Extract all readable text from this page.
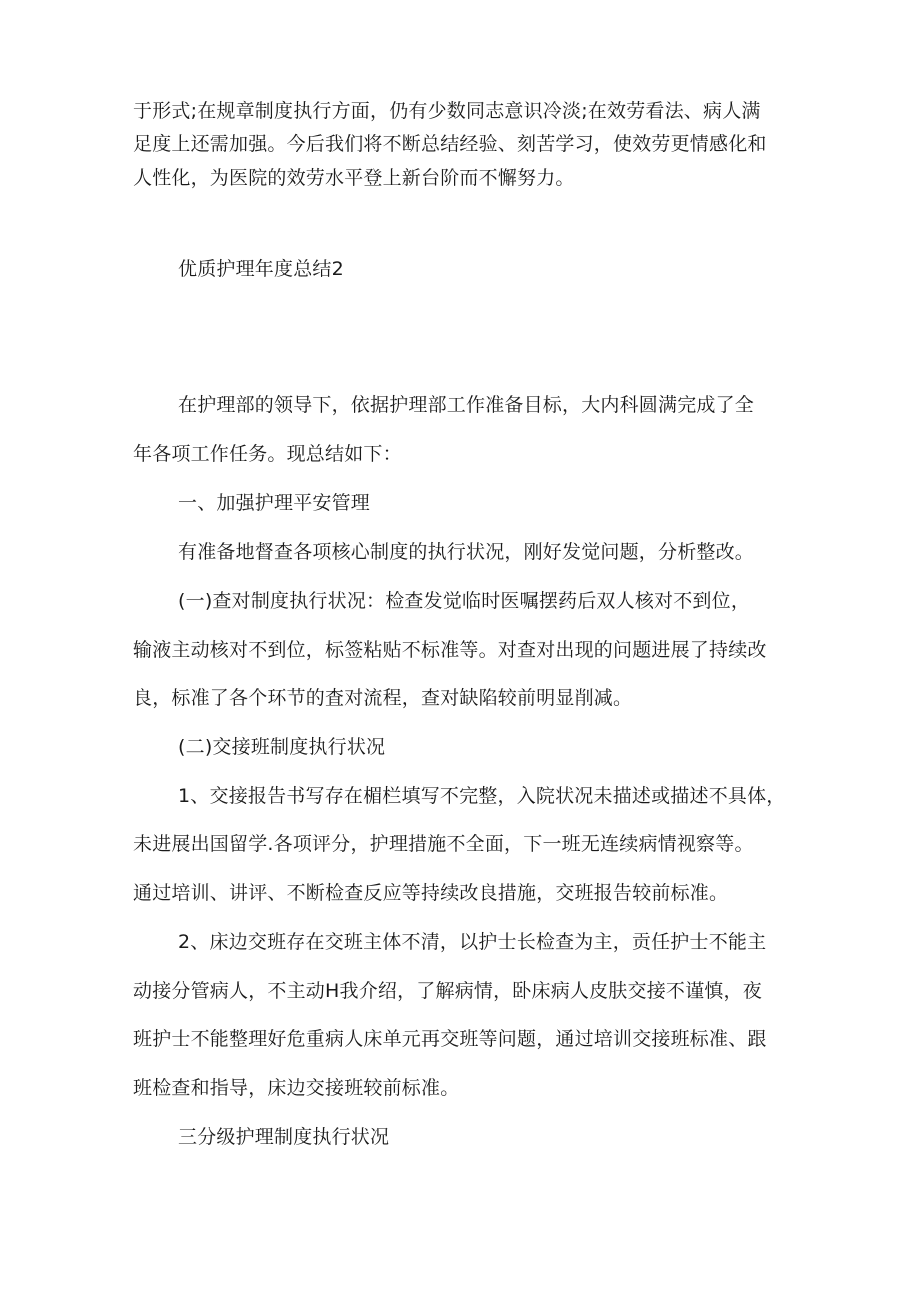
于形式;在规章制度执行方面，仍有少数同志意识冷淡;在效劳看法、病人满
足度上还需加强。今后我们将不断总结经验、刻苦学习，使效劳更情感化和
人性化，为医院的效劳水平登上新台阶而不懈努力。
优质护理年度总结2
在护理部的领导下，依据护理部工作准备目标，大内科圆满完成了全
年各项工作任务。现总结如下：
一、加强护理平安管理
有准备地督查各项核心制度的执行状况，刚好发觉问题，分析整改。
(一)查对制度执行状况：检查发觉临时医嘱摆药后双人核对不到位，
输液主动核对不到位，标签粘贴不标准等。对查对出现的问题进展了持续改
良，标准了各个环节的査对流程，查对缺陷较前明显削减。
(二)交接班制度执行状况
1、交接报告书写存在楣栏填写不完整，入院状况未描述或描述不具体，
未进展出国留学.各项评分，护理措施不全面，下一班无连续病情视察等。
通过培训、讲评、不断检查反应等持续改良措施，交班报告较前标准。
2、床边交班存在交班主体不清，以护士长检查为主，贡任护士不能主
动接分管病人，不主动H我介绍，了解病情，卧床病人皮肤交接不谨慎，夜
班护士不能整理好危重病人床单元再交班等问题，通过培训交接班标准、跟
班检查和指导，床边交接班较前标准。
三分级护理制度执行状况
